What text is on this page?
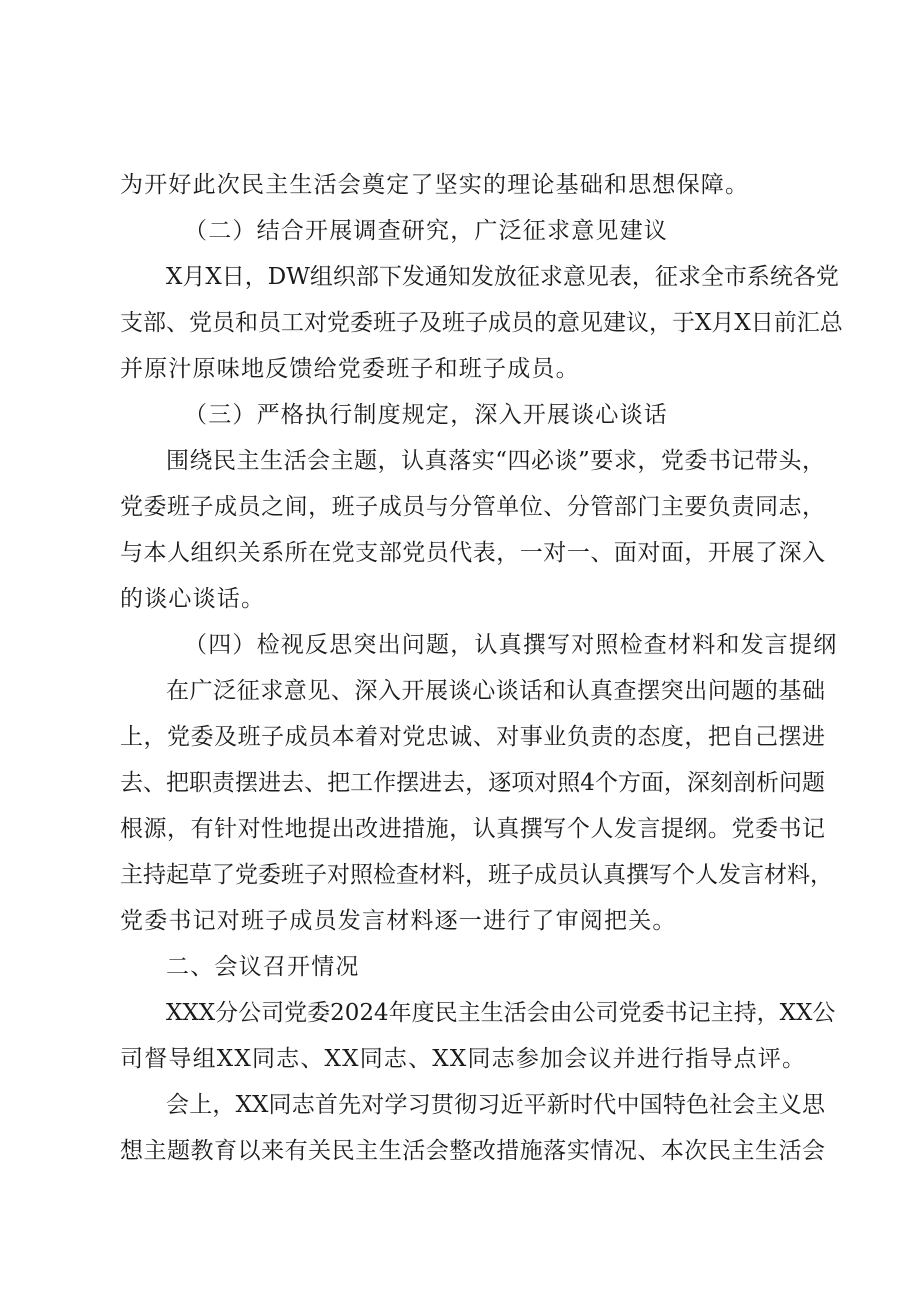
为开好此次民主生活会奠定了坚实的理论基础和思想保障。
（二）结合开展调查研究，广泛征求意见建议
X月X日，DW组织部下发通知发放征求意见表，征求全市系统各党
支部、党员和员工对党委班子及班子成员的意见建议，于X月X日前汇总
并原汁原味地反馈给党委班子和班子成员。
（三）严格执行制度规定，深入开展谈心谈话
围绕民主生活会主题，认真落实“四必谈”要求，党委书记带头，
党委班子成员之间，班子成员与分管单位、分管部门主要负责同志，
与本人组织关系所在党支部党员代表，一对一、面对面，开展了深入
的谈心谈话。
（四）检视反思突出问题，认真撰写对照检查材料和发言提纲
在广泛征求意见、深入开展谈心谈话和认真查摆突出问题的基础
上，党委及班子成员本着对党忠诚、对事业负责的态度，把自己摆进
去、把职责摆进去、把工作摆进去，逐项对照4个方面，深刻剖析问题
根源，有针对性地提出改进措施，认真撰写个人发言提纲。党委书记
主持起草了党委班子对照检查材料，班子成员认真撰写个人发言材料，
党委书记对班子成员发言材料逐一进行了审阅把关。
二、会议召开情况
XXX分公司党委2024年度民主生活会由公司党委书记主持，XX公
司督导组XX同志、XX同志、XX同志参加会议并进行指导点评。
会上，XX同志首先对学习贯彻习近平新时代中国特色社会主义思
想主题教育以来有关民主生活会整改措施落实情况、本次民主生活会
